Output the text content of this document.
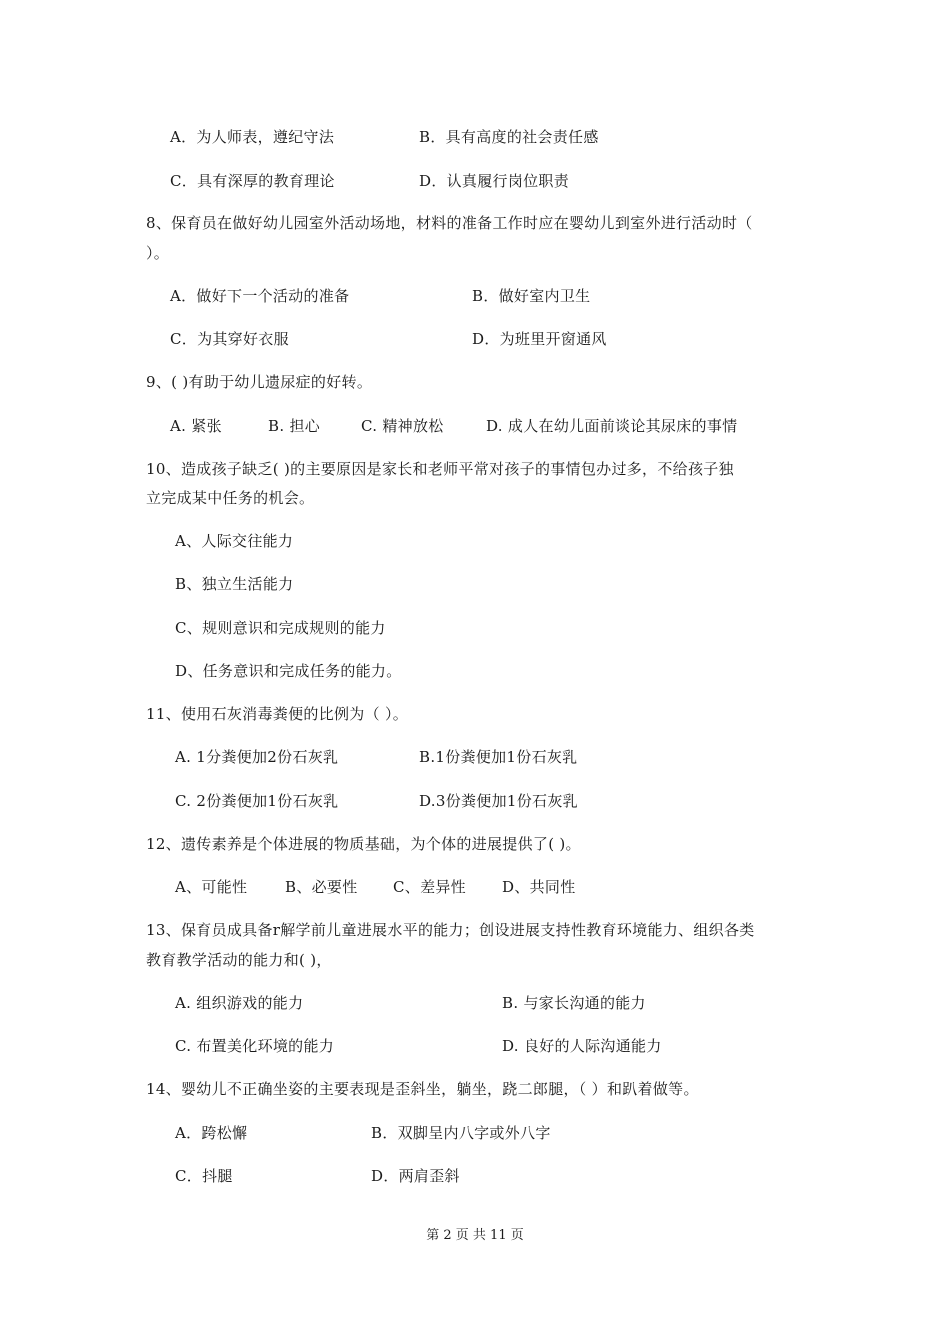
A．为人师表，遵纪守法	B．具有高度的社会责任感
C．具有深厚的教育理论	D．认真履行岗位职责
8、保育员在做好幼儿园室外活动场地，材料的准备工作时应在婴幼儿到室外进行活动时（
）。
A．做好下一个活动的准备	B．做好室内卫生
C．为其穿好衣服	D．为班里开窗通风
9、( )有助于幼儿遗尿症的好转。
A. 紧张	B. 担心	C. 精神放松	D. 成人在幼儿面前谈论其尿床的事情
10、造成孩子缺乏( )的主要原因是家长和老师平常对孩子的事情包办过多，不给孩子独
立完成某中任务的机会。
A、人际交往能力
B、独立生活能力
C、规则意识和完成规则的能力
D、任务意识和完成任务的能力。
11、使用石灰消毒粪便的比例为（ ）。
A. 1分粪便加2份石灰乳	B.1份粪便加1份石灰乳
C. 2份粪便加1份石灰乳	D.3份粪便加1份石灰乳
12、遗传素养是个体进展的物质基础，为个体的进展提供了( )。
A、可能性	B、必要性 C、差异性 D、共同性
13、保育员成具备r解学前儿童进展水平的能力；创设进展支持性教育环境能力、组织各类
教育教学活动的能力和( )，
A. 组织游戏的能力	B. 与家长沟通的能力
C. 布置美化环境的能力	D. 良好的人际沟通能力
14、婴幼儿不正确坐姿的主要表现是歪斜坐，躺坐，跷二郎腿，（ ）和趴着做等。
A．跨松懈	B．双脚呈内八字或外八字
C．抖腿	D．两肩歪斜
第 2 页 共 11 页
